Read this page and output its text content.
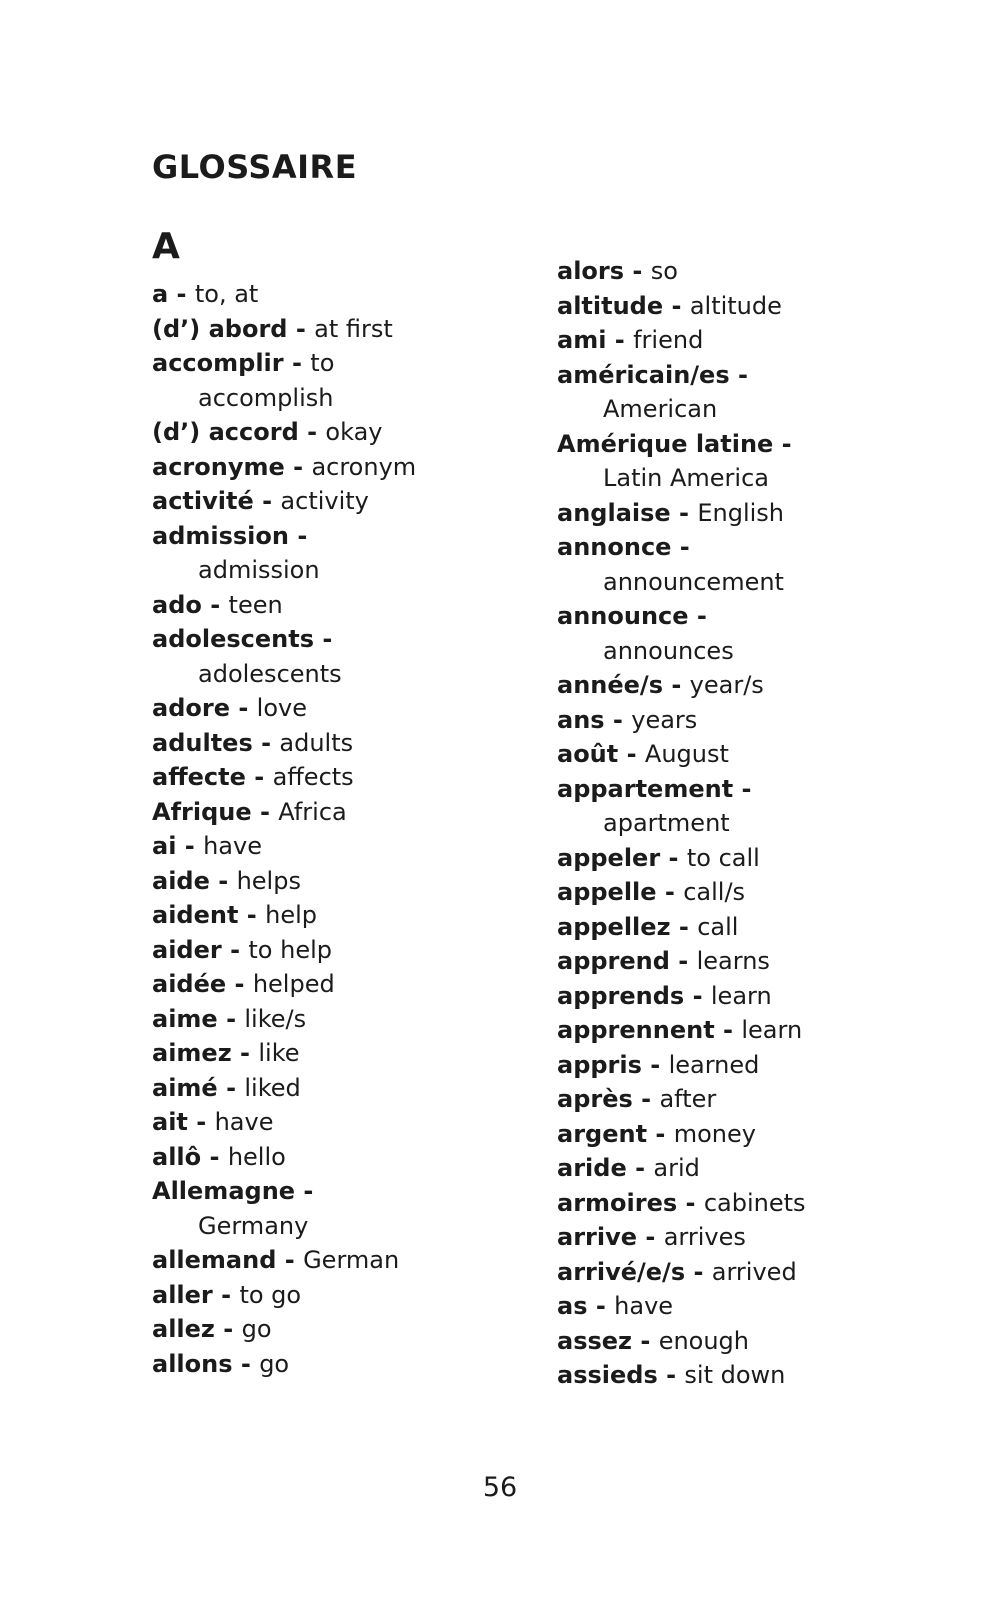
GLOSSAIRE
A
a - to, at
(d’) abord - at first
accomplir - to
accomplish
(d’) accord - okay
acronyme - acronym
activité - activity
admission -
admission
ado - teen
adolescents -
adolescents
adore - love
adultes - adults
affecte - affects
Afrique - Africa
ai - have
aide - helps
aident - help
aider - to help
aidée - helped
aime - like/s
aimez - like
aimé - liked
ait - have
allô - hello
Allemagne -
Germany
allemand - German
aller - to go
allez - go
allons - go
alors - so
altitude - altitude
ami - friend
américain/es -
American
Amérique latine -
Latin America
anglaise - English
annonce -
announcement
announce -
announces
année/s - year/s
ans - years
août - August
appartement -
apartment
appeler - to call
appelle - call/s
appellez - call
apprend - learns
apprends - learn
apprennent - learn
appris - learned
après - after
argent - money
aride - arid
armoires - cabinets
arrive - arrives
arrivé/e/s - arrived
as - have
assez - enough
assieds - sit down
56
